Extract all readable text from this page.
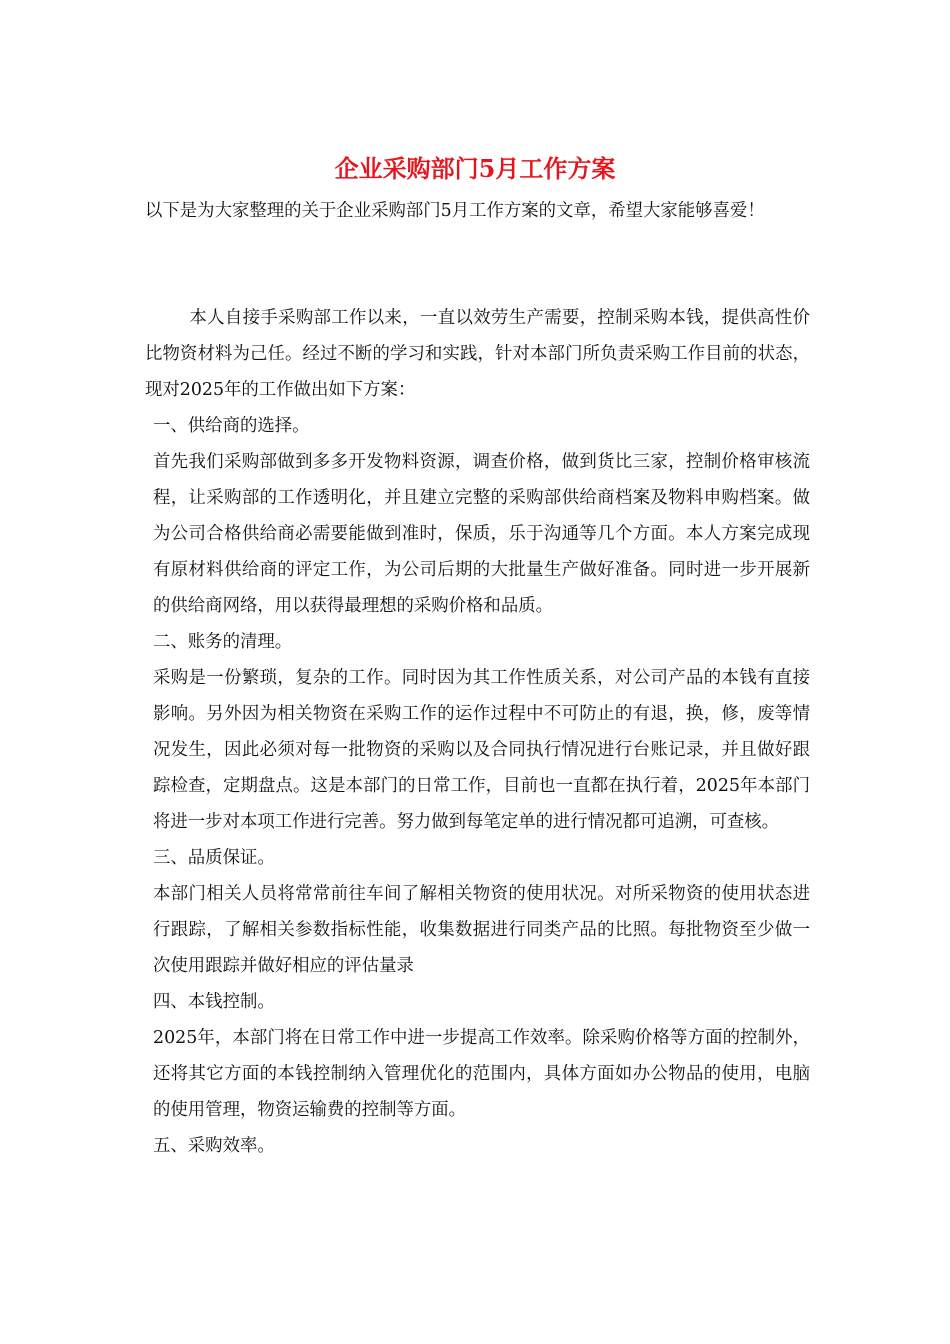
企业采购部门5月工作方案

以下是为大家整理的关于企业采购部门5月工作方案的文章，希望大家能够喜爱！

本人自接手采购部工作以来，一直以效劳生产需要，控制采购本钱，提供高性价比物资材料为己任。经过不断的学习和实践，针对本部门所负责采购工作目前的状态，现对2025年的工作做出如下方案：

一、供给商的选择。

首先我们采购部做到多多开发物料资源，调查价格，做到货比三家，控制价格审核流程，让采购部的工作透明化，并且建立完整的采购部供给商档案及物料申购档案。做为公司合格供给商必需要能做到准时，保质，乐于沟通等几个方面。本人方案完成现有原材料供给商的评定工作，为公司后期的大批量生产做好准备。同时进一步开展新的供给商网络，用以获得最理想的采购价格和品质。

二、账务的清理。

采购是一份繁琐，复杂的工作。同时因为其工作性质关系，对公司产品的本钱有直接影响。另外因为相关物资在采购工作的运作过程中不可防止的有退，换，修，废等情况发生，因此必须对每一批物资的采购以及合同执行情况进行台账记录，并且做好跟踪检查，定期盘点。这是本部门的日常工作，目前也一直都在执行着，2025年本部门将进一步对本项工作进行完善。努力做到每笔定单的进行情况都可追溯，可查核。

三、品质保证。

本部门相关人员将常常前往车间了解相关物资的使用状况。对所采物资的使用状态进行跟踪，了解相关参数指标性能，收集数据进行同类产品的比照。每批物资至少做一次使用跟踪并做好相应的评估量录

四、本钱控制。

2025年，本部门将在日常工作中进一步提高工作效率。除采购价格等方面的控制外，还将其它方面的本钱控制纳入管理优化的范围内，具体方面如办公物品的使用，电脑的使用管理，物资运输费的控制等方面。

五、采购效率。
